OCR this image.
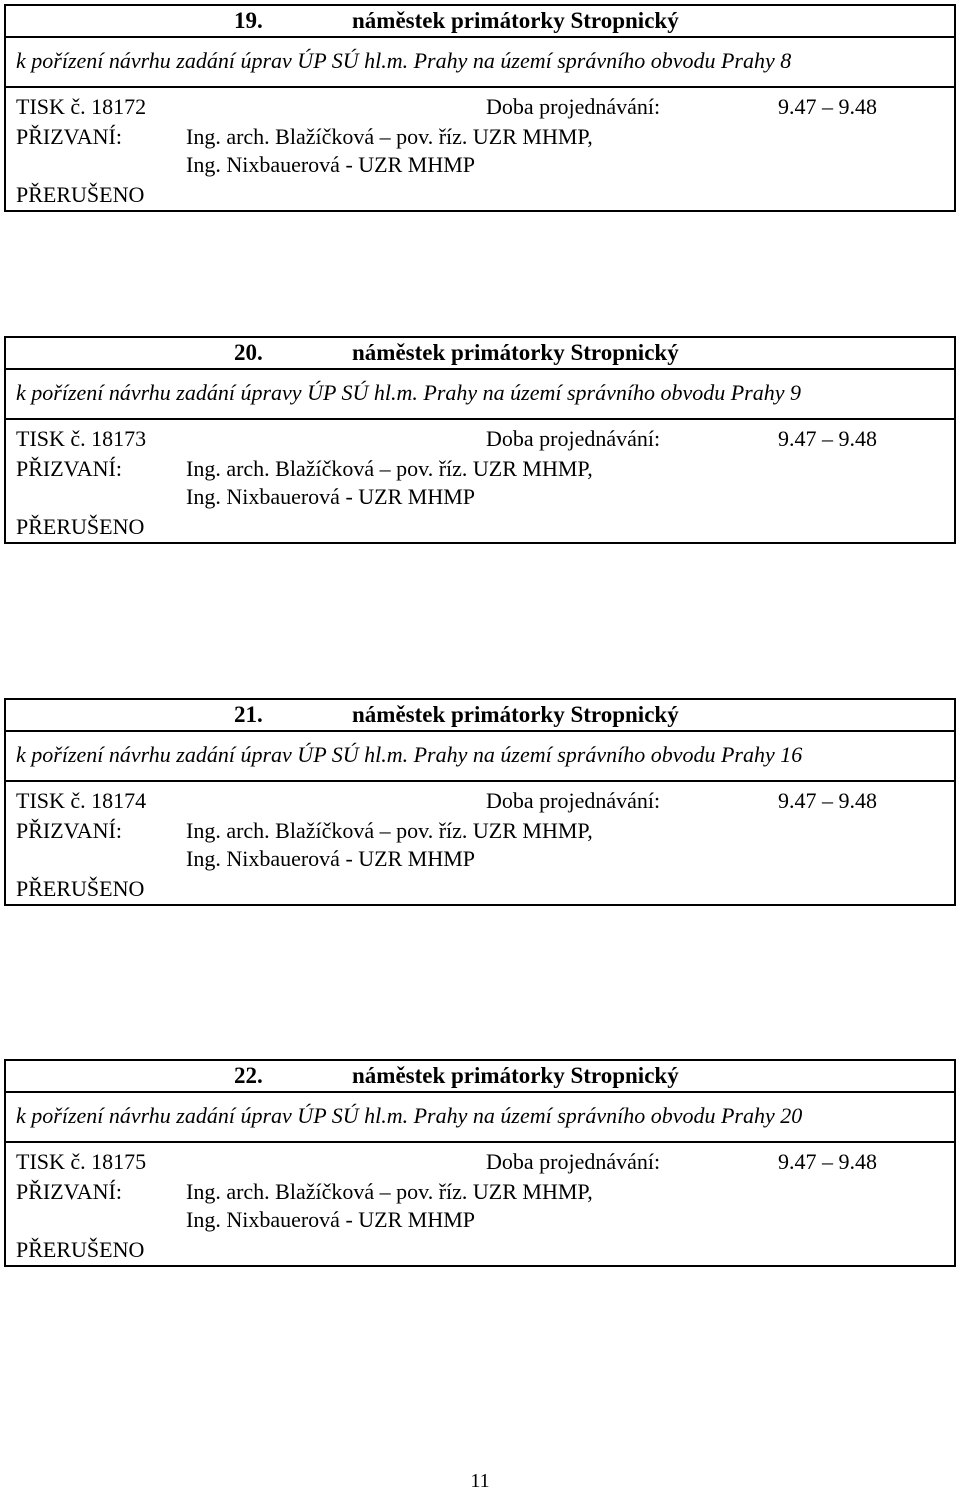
19.	náměstek primátorky Stropnický
k pořízení návrhu zadání úprav ÚP SÚ hl.m. Prahy na území správního obvodu Prahy 8
TISK č. 18172	Doba projednávání:	9.47 – 9.48
PŘIZVANÍ:	Ing. arch. Blažíčková – pov. říz. UZR MHMP,
Ing. Nixbauerová - UZR MHMP
PŘERUŠENO
20.	náměstek primátorky Stropnický
k pořízení návrhu zadání úpravy ÚP SÚ hl.m. Prahy na území správního obvodu Prahy 9
TISK č. 18173	Doba projednávání:	9.47 – 9.48
PŘIZVANÍ:	Ing. arch. Blažíčková – pov. říz. UZR MHMP,
Ing. Nixbauerová - UZR MHMP
PŘERUŠENO
21.	náměstek primátorky Stropnický
k pořízení návrhu zadání úprav ÚP SÚ hl.m. Prahy na území správního obvodu Prahy 16
TISK č. 18174	Doba projednávání:	9.47 – 9.48
PŘIZVANÍ:	Ing. arch. Blažíčková – pov. říz. UZR MHMP,
Ing. Nixbauerová - UZR MHMP
PŘERUŠENO
22.	náměstek primátorky Stropnický
k pořízení návrhu zadání úprav ÚP SÚ hl.m. Prahy na území správního obvodu Prahy 20
TISK č. 18175	Doba projednávání:	9.47 – 9.48
PŘIZVANÍ:	Ing. arch. Blažíčková – pov. říz. UZR MHMP,
Ing. Nixbauerová - UZR MHMP
PŘERUŠENO
11
